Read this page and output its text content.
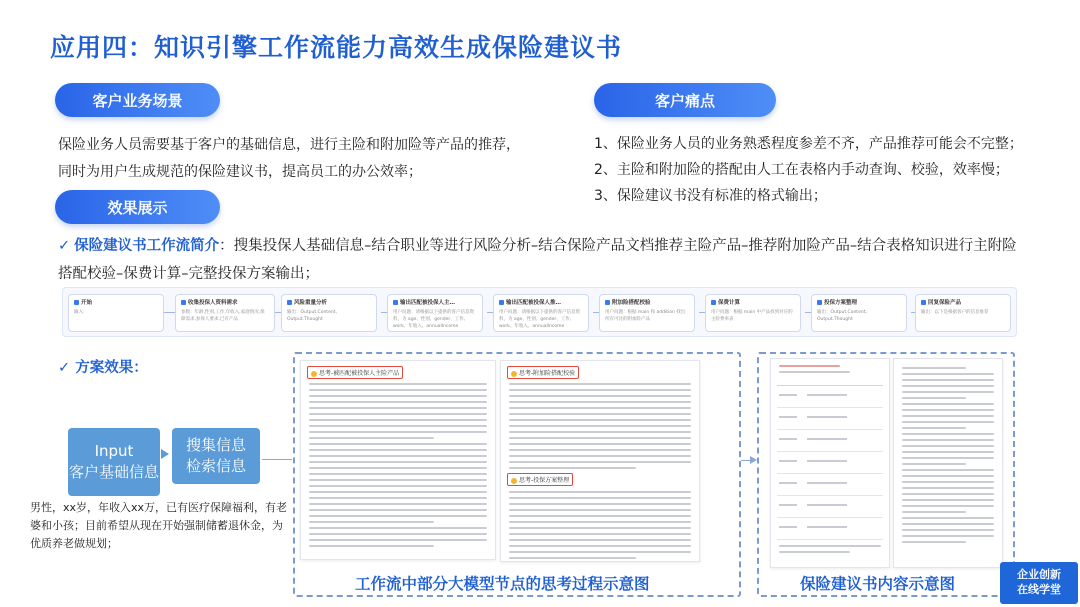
应用四：知识引擎工作流能力高效生成保险建议书
客户业务场景	客户痛点

保险业务人员需要基于客户的基础信息，进行主险和附加险等产品的推荐，同时为用户生成规范的保险建议书，提高员工的办公效率；

1、保险业务人员的业务熟悉程度参差不齐，产品推荐可能会不完整；
2、主险和附加险的搭配由人工在表格内手动查询、校验，效率慢；
3、保险建议书没有标准的格式输出；
效果展示

✓ 保险建议书工作流简介：搜集投保人基础信息–结合职业等进行风险分析–结合保险产品文档推荐主险产品–推荐附加险产品–结合表格知识进行主附险搭配校验–保费计算–完整投保方案输出；

开始
输入：
收集投保人资料需求
参数：年龄,性别,工作,年收入,家庭情况,保障需求,参保人要求,已有产品
风险重量分析
输出：Output.Content, Output.Thought
输出匹配被投保人主…
用户问题：请根据以下提供的客户信息资料，为 age、性别、gender、工作、work、年收入、annualIncome
输出匹配被投保人推…
用户问题：请根据以下提供的客户信息资料，为 age、性别、gender、工作、work、年收入、annualIncome
附加险搭配校验
用户问题：根据 main 和 addition 找出所有可比的附加险产品
保费计算
用户问题：根据 main 中产品找到对应的主险费率表
投保方案整理
输出：Output.Content, Output.Thought
回复保险产品
输出：以下是根据客户的信息推荐
✓ 方案效果：
Input
客户基础信息
搜集信息
检索信息

男性，xx岁，年收入xx万，已有医疗保障福利，有老婆和小孩；目前希望从现在开始强制储蓄退休金，为优质养老做规划；

思考-被匹配被投保人主险产品	思考-附加险搭配校验
思考-投保方案整理
工作流中部分大模型节点的思考过程示意图	保险建议书内容示意图
企业创新
在线学堂
